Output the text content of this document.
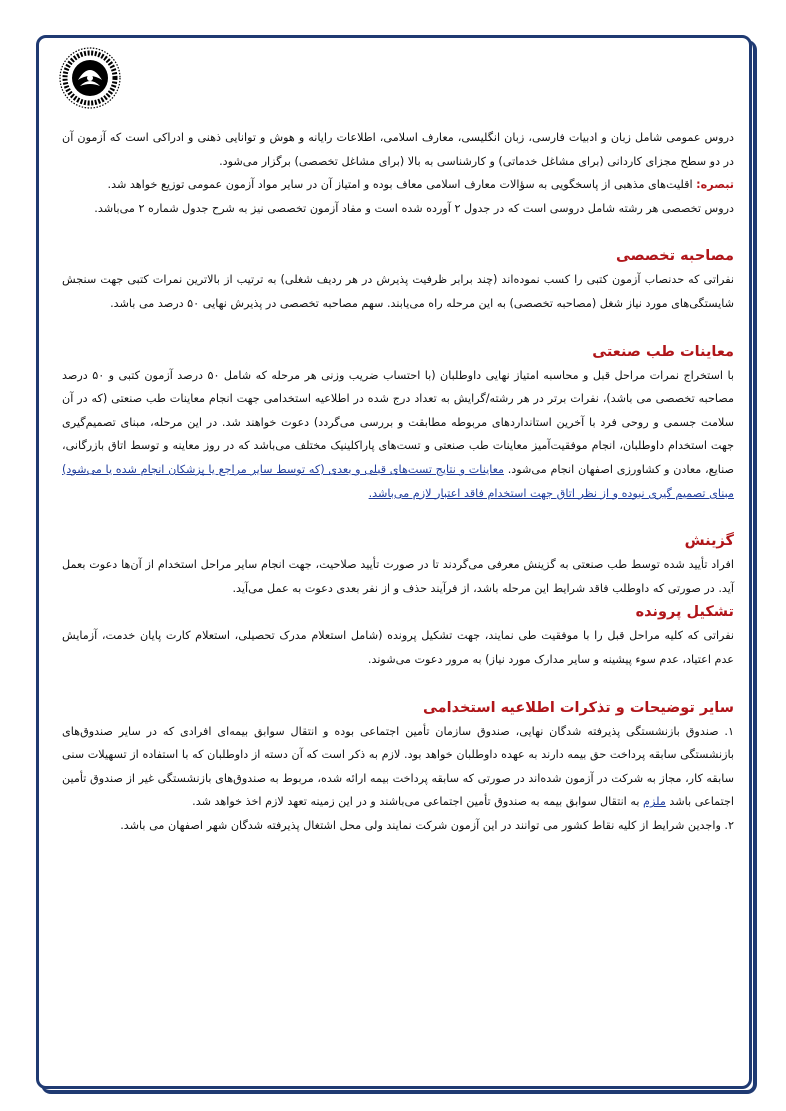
دروس عمومی شامل زبان و ادبیات فارسی، زبان انگلیسی، معارف اسلامی، اطلاعات رایانه و هوش و توانایی ذهنی و ادراکی است که آزمون آن در دو سطح مجزای کاردانی (برای مشاغل خدماتی) و کارشناسی به بالا (برای مشاغل تخصصی) برگزار می‌شود.

تبصره: اقلیت‌های مذهبی از پاسخگویی به سؤالات معارف اسلامی معاف بوده و امتیاز آن در سایر مواد آزمون عمومی توزیع خواهد شد.

دروس تخصصی هر رشته شامل دروسی است که در جدول ۲ آورده شده است و مفاد آزمون تخصصی نیز به شرح جدول شماره ۲ می‌باشد.

مصاحبه تخصصی

نفراتی که حدنصاب آزمون کتبی را کسب نموده‌اند (چند برابر ظرفیت پذیرش در هر ردیف شغلی) به ترتیب از بالاترین نمرات کتبی جهت سنجش شایستگی‌های مورد نیاز شغل (مصاحبه تخصصی) به این مرحله راه می‌یابند. سهم مصاحبه تخصصی در پذیرش نهایی ۵۰ درصد می باشد.

معاینات طب صنعتی

با استخراج نمرات مراحل قبل و محاسبه امتیاز نهایی داوطلبان (با احتساب ضریب وزنی هر مرحله که شامل ۵۰ درصد آزمون کتبی و ۵۰ درصد مصاحبه تخصصی می باشد)، نفرات برتر در هر رشته/گرایش به تعداد درج شده در اطلاعیه استخدامی جهت انجام معاینات طب صنعتی (که در آن سلامت جسمی و روحی فرد با آخرین استانداردهای مربوطه مطابقت و بررسی می‌گردد) دعوت خواهند شد. در این مرحله، مبنای تصمیم‌گیری جهت استخدام داوطلبان، انجام موفقیت‌آمیز معاینات طب صنعتی و تست‌های پاراکلینیک مختلف می‌باشد که در روز معاینه و توسط اتاق بازرگانی، صنایع، معادن و کشاورزی اصفهان انجام می‌شود. معاینات و نتایج تست‌های قبلی و بعدی (که توسط سایر مراجع یا پزشکان انجام شده یا می‌شود) مبنای تصمیم گیری نبوده و از نظر اتاق جهت استخدام فاقد اعتبار لازم می‌باشد.

گزینش

افراد تأیید شده توسط طب صنعتی به گزینش معرفی می‌گردند تا در صورت تأیید صلاحیت، جهت انجام سایر مراحل استخدام از آن‌ها دعوت بعمل آید. در صورتی که داوطلب فاقد شرایط این مرحله باشد، از فرآیند حذف و از نفر بعدی دعوت به عمل می‌آید.

تشکیل پرونده

نفراتی که کلیه مراحل قبل را با موفقیت طی نمایند، جهت تشکیل پرونده (شامل استعلام مدرک تحصیلی، استعلام کارت پایان خدمت، آزمایش عدم اعتیاد، عدم سوء پیشینه و سایر مدارک مورد نیاز) به مرور دعوت می‌شوند.

سایر توضیحات و تذکرات اطلاعیه استخدامی

۱. صندوق بازنشستگی پذیرفته شدگان نهایی، صندوق سازمان تأمین اجتماعی بوده و انتقال سوابق بیمه‌ای افرادی که در سایر صندوق‌های بازنشستگی سابقه پرداخت حق بیمه دارند به عهده داوطلبان خواهد بود. لازم به ذکر است که آن دسته از داوطلبان که با استفاده از تسهیلات سنی سابقه کار، مجاز به شرکت در آزمون شده‌اند در صورتی که سابقه پرداخت بیمه ارائه شده، مربوط به صندوق‌های بازنشستگی غیر از صندوق تأمین اجتماعی باشد ملزم به انتقال سوابق بیمه به صندوق تأمین اجتماعی می‌باشند و در این زمینه تعهد لازم اخذ خواهد شد.

۲. واجدین شرایط از کلیه نقاط کشور می توانند در این آزمون شرکت نمایند ولی محل اشتغال پذیرفته شدگان شهر اصفهان می باشد.
